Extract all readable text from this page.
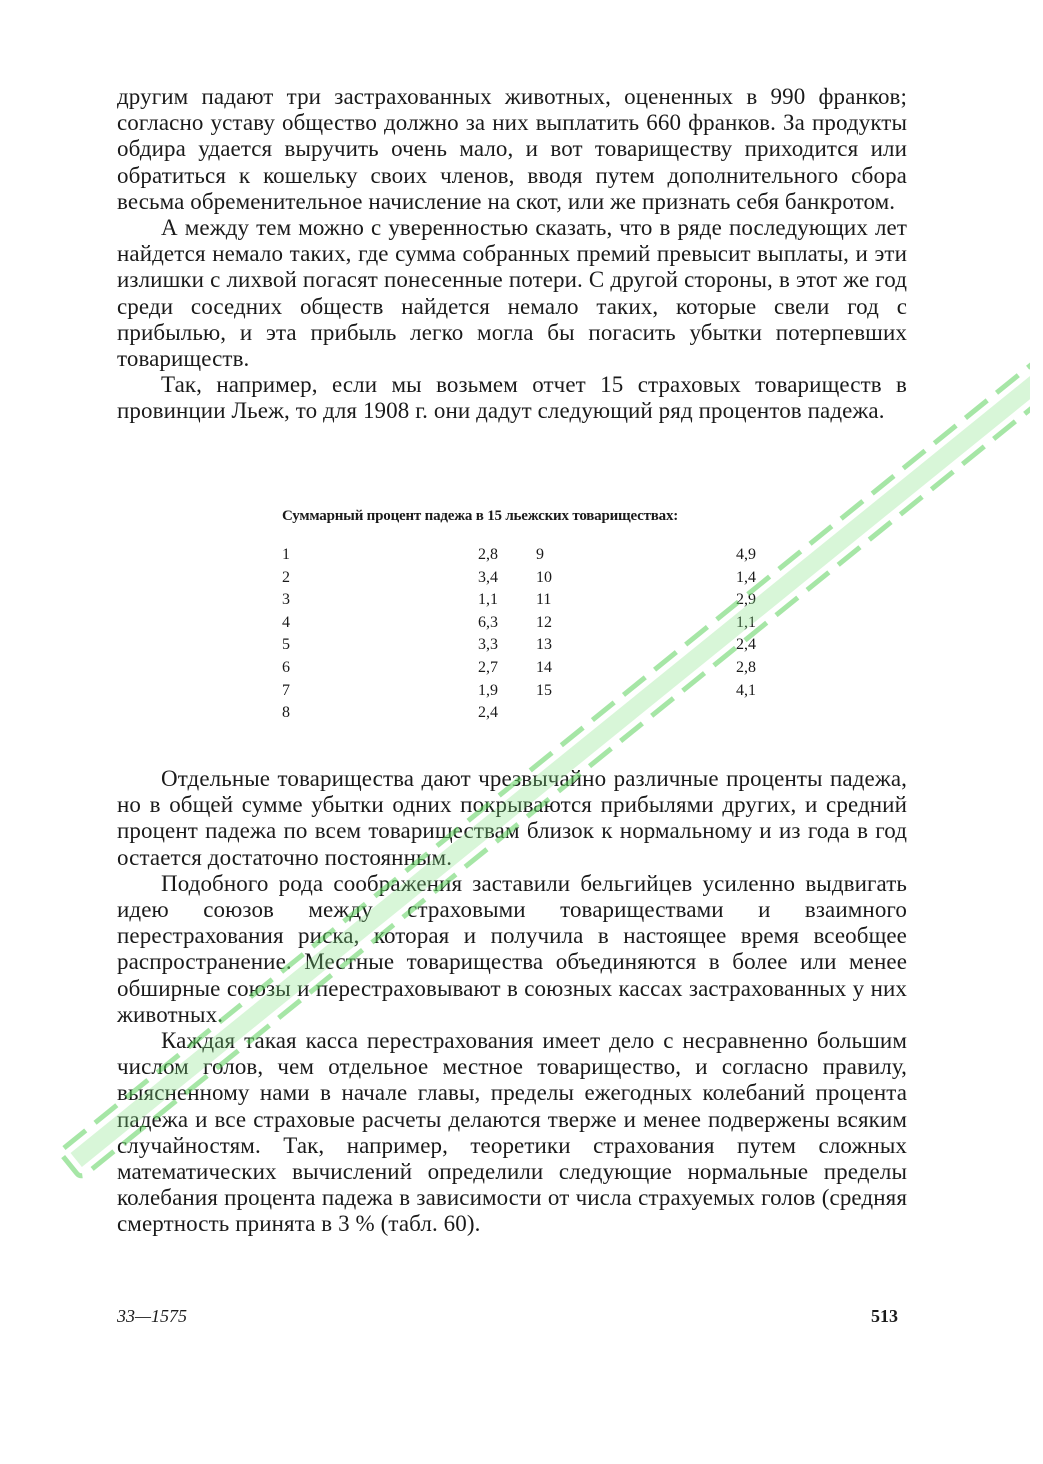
другим падают три застрахованных животных, оцененных в 990 франков; согласно уставу общество должно за них выплатить 660 франков. За продукты обдира удается выручить очень мало, и вот товариществу приходится или обратиться к кошельку своих членов, вводя путем дополнительного сбора весьма обременительное начисление на скот, или же признать себя банкротом.

А между тем можно с уверенностью сказать, что в ряде последующих лет найдется немало таких, где сумма собранных премий превысит выплаты, и эти излишки с лихвой погасят понесенные потери. С другой стороны, в этот же год среди соседних обществ найдется немало таких, которые свели год с прибылью, и эта прибыль легко могла бы погасить убытки потерпевших товариществ.

Так, например, если мы возьмем отчет 15 страховых товариществ в провинции Льеж, то для 1908 г. они дадут следующий ряд процентов падежа.

Суммарный процент падежа в 15 льежских товариществах:
1	2,8 9	4,9
2	3,4 10	1,4
3	1,1 11	2,9
4	6,3 12	1,1
5	3,3 13	2,4
6	2,7 14	2,8
7	1,9 15	4,1
8	2,4

Отдельные товарищества дают чрезвычайно различные проценты падежа, но в общей сумме убытки одних покрываются прибылями других, и средний процент падежа по всем товариществам близок к нормальному и из года в год остается достаточно постоянным.

Подобного рода соображения заставили бельгийцев усиленно выдвигать идею союзов между страховыми товариществами и взаимного перестрахования риска, которая и получила в настоящее время всеобщее распространение. Местные товарищества объединяются в более или менее обширные союзы и перестраховывают в союзных кассах застрахованных у них животных.

Каждая такая касса перестрахования имеет дело с несравненно большим числом голов, чем отдельное местное товарищество, и согласно правилу, выясненному нами в начале главы, пределы ежегодных колебаний процента падежа и все страховые расчеты делаются тверже и менее подвержены всяким случайностям. Так, например, теоретики страхования путем сложных математических вычислений определили следующие нормальные пределы колебания процента падежа в зависимости от числа страхуемых голов (средняя смертность принята в 3 % (табл. 60).

33—1575	513
